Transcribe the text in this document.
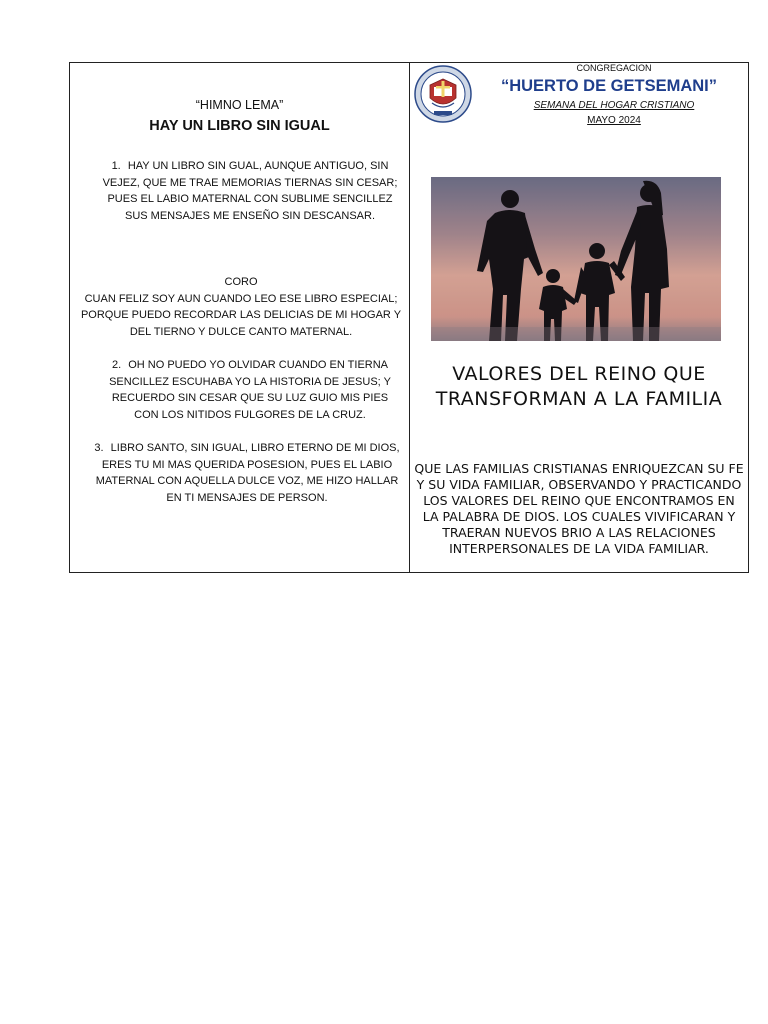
“HIMNO LEMA”
HAY UN LIBRO SIN IGUAL
1. HAY UN LIBRO SIN GUAL, AUNQUE ANTIGUO, SIN VEJEZ, QUE ME TRAE MEMORIAS TIERNAS SIN CESAR; PUES EL LABIO MATERNAL CON SUBLIME SENCILLEZ SUS MENSAJES ME ENSEÑO SIN DESCANSAR.
CORO
CUAN FELIZ SOY AUN CUANDO LEO ESE LIBRO ESPECIAL; PORQUE PUEDO RECORDAR LAS DELICIAS DE MI HOGAR Y DEL TIERNO Y DULCE CANTO MATERNAL.
2. OH NO PUEDO YO OLVIDAR CUANDO EN TIERNA SENCILLEZ ESCUHABA YO LA HISTORIA DE JESUS; Y RECUERDO SIN CESAR QUE SU LUZ GUIO MIS PIES CON LOS NITIDOS FULGORES DE LA CRUZ.
3. LIBRO SANTO, SIN IGUAL, LIBRO ETERNO DE MI DIOS, ERES TU MI MAS QUERIDA POSESION, PUES EL LABIO MATERNAL CON AQUELLA DULCE VOZ, ME HIZO HALLAR EN TI MENSAJES DE PERSON.
CONGREGACION
“HUERTO DE GETSEMANI”
SEMANA DEL HOGAR CRISTIANO
MAYO 2024
VALORES DEL REINO QUE TRANSFORMAN A LA FAMILIA
QUE LAS FAMILIAS CRISTIANAS ENRIQUEZCAN SU FE Y SU VIDA FAMILIAR, OBSERVANDO Y PRACTICANDO LOS VALORES DEL REINO QUE ENCONTRAMOS EN LA PALABRA DE DIOS. LOS CUALES VIVIFICARAN Y TRAERAN NUEVOS BRIO A LAS RELACIONES INTERPERSONALES DE LA VIDA FAMILIAR.
